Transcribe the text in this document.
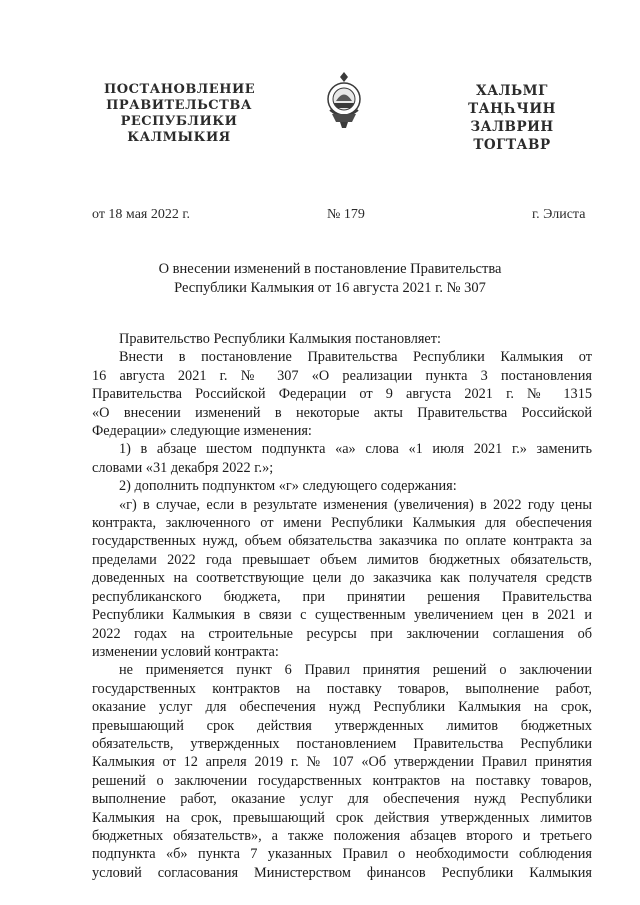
ПОСТАНОВЛЕНИЕ
ПРАВИТЕЛЬСТВА
РЕСПУБЛИКИ
КАЛМЫКИЯ
ХАЛЬМГ
ТАҢҺЧИН
ЗАЛВРИН
ТОГТАВР
от 18 мая 2022 г.	№ 179	г. Элиста
О внесении изменений в постановление Правительства
Республики Калмыкия от 16 августа 2021 г. № 307

Правительство Республики Калмыкия постановляет:

Внести в постановление Правительства Республики Калмыкия от

16 августа 2021 г. № 307 «О реализации пункта 3 постановления

Правительства Российской Федерации от 9 августа 2021 г. № 1315

«О внесении изменений в некоторые акты Правительства Российской

Федерации» следующие изменения:

1) в абзаце шестом подпункта «а» слова «1 июля 2021 г.» заменить

словами «31 декабря 2022 г.»;

2) дополнить подпунктом «г» следующего содержания:

«г) в случае, если в результате изменения (увеличения) в 2022 году цены

контракта, заключенного от имени Республики Калмыкия для обеспечения

государственных нужд, объем обязательства заказчика по оплате контракта за

пределами 2022 года превышает объем лимитов бюджетных обязательств,

доведенных на соответствующие цели до заказчика как получателя средств

республиканского бюджета, при принятии решения Правительства

Республики Калмыкия в связи с существенным увеличением цен в 2021 и

2022 годах на строительные ресурсы при заключении соглашения об

изменении условий контракта:

не применяется пункт 6 Правил принятия решений о заключении

государственных контрактов на поставку товаров, выполнение работ,

оказание услуг для обеспечения нужд Республики Калмыкия на срок,

превышающий срок действия утвержденных лимитов бюджетных

обязательств, утвержденных постановлением Правительства Республики

Калмыкия от 12 апреля 2019 г. № 107 «Об утверждении Правил принятия

решений о заключении государственных контрактов на поставку товаров,

выполнение работ, оказание услуг для обеспечения нужд Республики

Калмыкия на срок, превышающий срок действия утвержденных лимитов

бюджетных обязательств», а также положения абзацев второго и третьего

подпункта «б» пункта 7 указанных Правил о необходимости соблюдения

условий согласования Министерством финансов Республики Калмыкия
